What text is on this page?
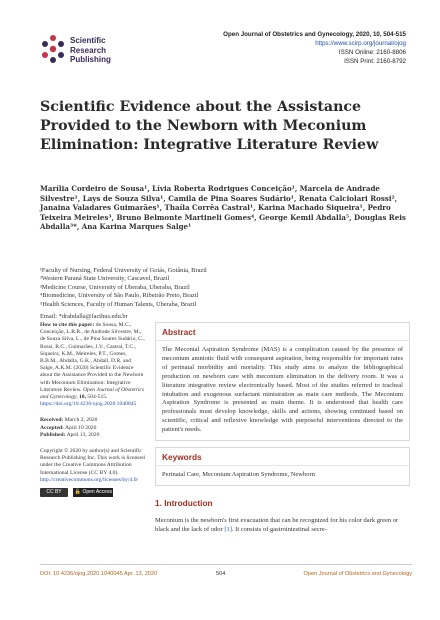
Scientific
Research
Publishing
Open Journal of Obstetrics and Gynecology, 2020, 10, 504-515
https://www.scirp.org/journal/ojog
ISSN Online: 2160-8806
ISSN Print: 2160-8792
Scientific Evidence about the Assistance Provided to the Newborn with Meconium Elimination: Integrative Literature Review
Marília Cordeiro de Sousa¹, Lívia Roberta Rodrigues Conceição¹, Marcela de Andrade Silvestre¹, Lays de Souza Silva¹, Camila de Pina Soares Sudário¹, Renata Calciolari Rossi², Janaina Valadares Guimarães¹, Thaíla Corrêa Castral¹, Karina Machado Siqueira¹, Pedro Teixeira Meireles³, Bruno Belmonte Martineli Gomes⁴, George Kemil Abdalla⁵, Douglas Reis Abdalla³*, Ana Karina Marques Salge¹
¹Faculty of Nursing, Federal University of Goiás, Goiânia, Brazil
²Western Paraná State University, Cascavel, Brazil
³Medicine Course, University of Uberaba, Uberaba, Brazil
⁴Biomedicine, University of São Paulo, Ribeirão Preto, Brazil
⁵Health Sciences, Faculty of Human Talents, Uberaba, Brazil
Email: *drabdalla@facthus.edu.br
How to cite this paper: de Sousa, M.C., Conceição, L.R.R., de Andrade Silvestre, M., de Souza Silva, L., de Pina Soares Sudário, C., Rossi, R.C., Guimarães, J.V., Castral, T.C., Siqueira, K.M., Meireles, P.T., Gomes, B.B.M., Abdalla, G.K., Abdall, D.R. and Salge, A.K.M. (2020) Scientific Evidence about the Assistance Provided to the Newborn with Meconium Elimination: Integrative Literature Review. Open Journal of Obstetrics and Gynecology, 10, 504-515.
https://doi.org/10.4236/ojog.2020.1040045
Received: March 2, 2020
Accepted: April 10 2020
Published: April 13, 2020
Copyright © 2020 by author(s) and Scientific Research Publishing Inc. This work is licensed under the Creative Commons Attribution International License (CC BY 4.0).
http://creativecommons.org/licenses/by/4.0/
CC BY	🔓 Open Access
Abstract
The Meconial Aspiration Syndrome (MAS) is a complication caused by the presence of meconium amniotic fluid with consequent aspiration, being responsible for important rates of perinatal morbidity and mortality. This study aims to analyze the bibliographical production on newborn care with meconium elimination in the delivery room. It was a literature integrative review electronically based. Most of the studies referred to tracheal intubation and exogenous surfactant ministration as main care methods. The Meconium Aspiration Syndrome is presented as main theme. It is understood that health care professionals must develop knowledge, skills and actions, showing continued based on scientific, critical and reflexive knowledge with purposeful interventions directed to the patient's needs.
Keywords
Perinatal Care, Meconium Aspiration Syndrome, Newborn
1. Introduction
Meconium is the newborn's first evacuation that can be recognized for his color dark green or black and the lack of odor [1]. It consists of gastrointestinal secre-
DOI: 10.4236/ojog.2020.1040045 Apr. 13, 2020	504	Open Journal of Obstetrics and Gynecology
